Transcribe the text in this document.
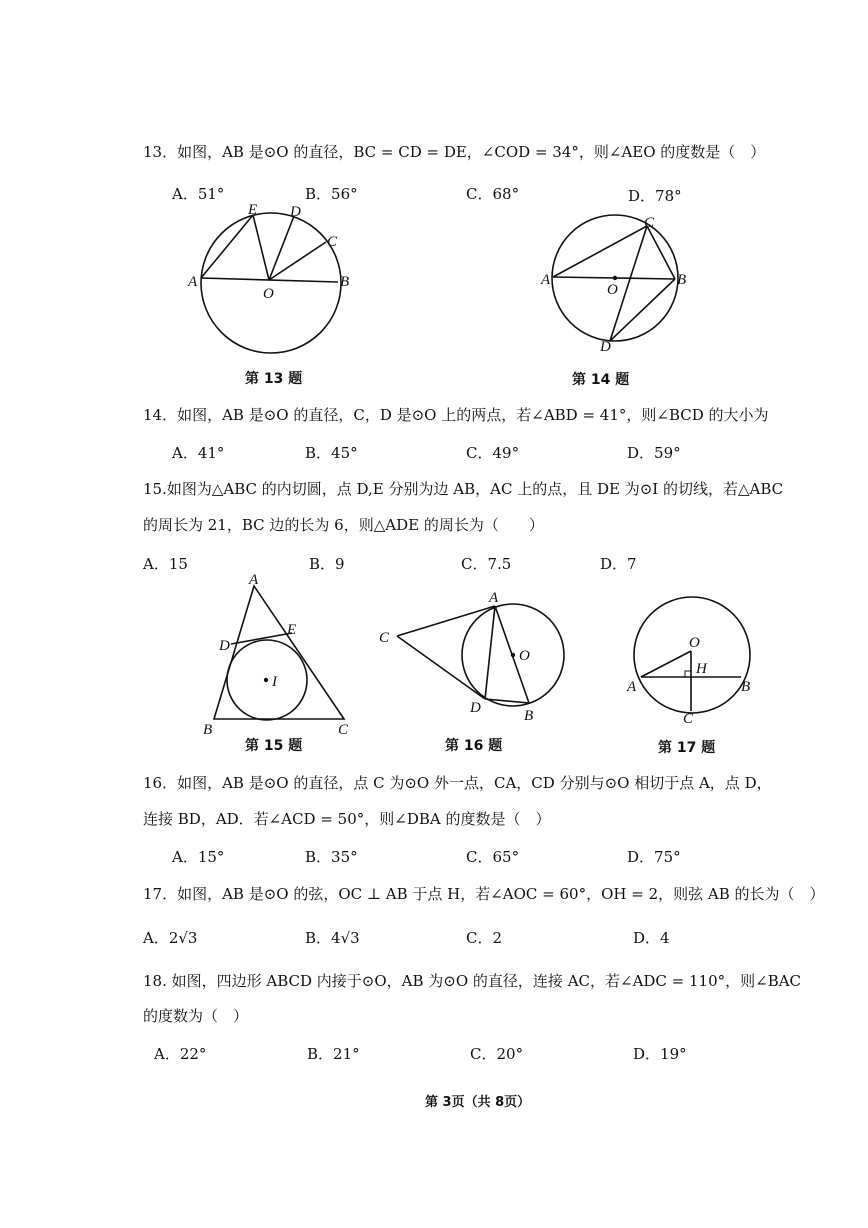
13．如图，AB 是⊙O 的直径，BC = CD = DE，∠COD = 34°，则∠AEO 的度数是（　）
A．51°	B．56°	C．68°	D．78°
A	B
C
D
E
O
A	B
C
D
O
第 13 题	第 14 题
14．如图，AB 是⊙O 的直径，C，D 是⊙O 上的两点，若∠ABD = 41°，则∠BCD 的大小为
A．41°	B．45°	C．49°	D．59°
15.如图为△ABC 的内切圆，点 D,E 分别为边 AB，AC 上的点，且 DE 为⊙I 的切线，若△ABC
的周长为 21，BC 边的长为 6，则△ADE 的周长为（　　）
A．15	B．9	C．7.5	D．7
A
B	C
D
E
I
A
B
C
D
O
O
A	B
H
C
第 15 题	第 16 题	第 17 题
16．如图，AB 是⊙O 的直径，点 C 为⊙O 外一点，CA，CD 分别与⊙O 相切于点 A，点 D，
连接 BD，AD．若∠ACD = 50°，则∠DBA 的度数是（　）
A．15°	B．35°	C．65°	D．75°
17．如图，AB 是⊙O 的弦，OC ⊥ AB 于点 H，若∠AOC = 60°，OH = 2，则弦 AB 的长为（　）
A．2√3	B．4√3	C．2	D．4
18. 如图，四边形 ABCD 内接于⊙O，AB 为⊙O 的直径，连接 AC，若∠ADC = 110°，则∠BAC
的度数为（　）
A．22°	B．21°	C．20°	D．19°
第 3页（共 8页）
